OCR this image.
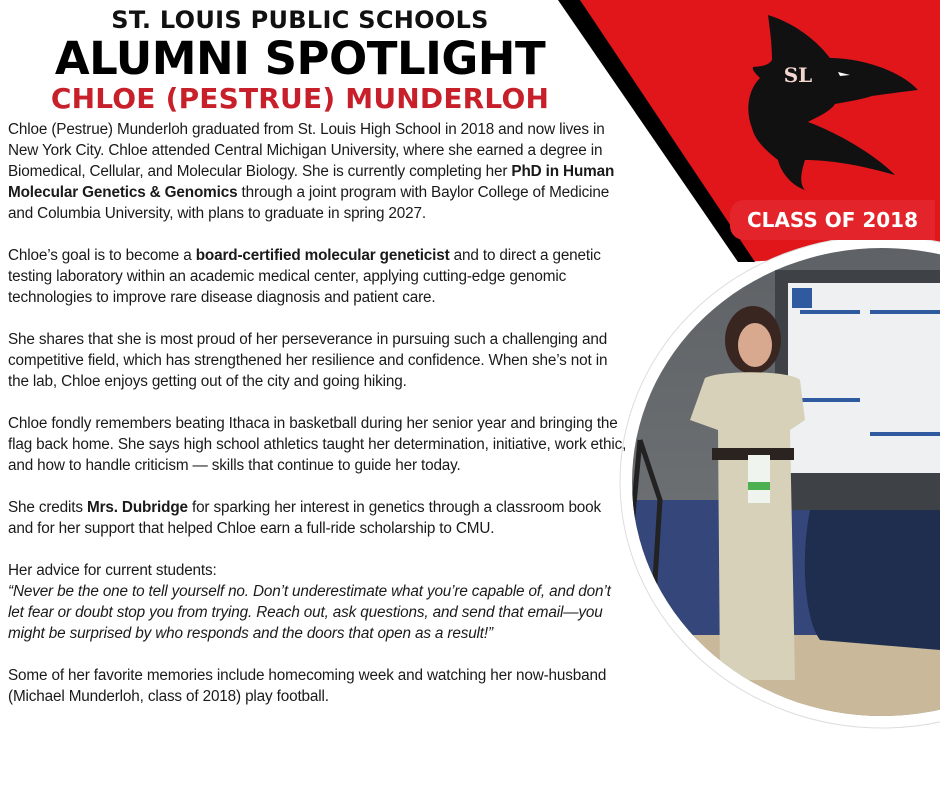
SL
ST. LOUIS PUBLIC SCHOOLS
ALUMNI SPOTLIGHT
CHLOE (PESTRUE) MUNDERLOH
CLASS OF 2018

Chloe (Pestrue) Munderloh graduated from St. Louis High School in 2018 and now lives in New York City. Chloe attended Central Michigan University, where she earned a degree in Biomedical, Cellular, and Molecular Biology. She is currently completing her PhD in Human Molecular Genetics & Genomics through a joint program with Baylor College of Medicine and Columbia University, with plans to graduate in spring 2027.

Chloe’s goal is to become a board-certified molecular geneticist and to direct a genetic testing laboratory within an academic medical center, applying cutting-edge genomic technologies to improve rare disease diagnosis and patient care.

She shares that she is most proud of her perseverance in pursuing such a challenging and competitive field, which has strengthened her resilience and confidence. When she’s not in the lab, Chloe enjoys getting out of the city and going hiking.

Chloe fondly remembers beating Ithaca in basketball during her senior year and bringing the flag back home. She says high school athletics taught her determination, initiative, work ethic, and how to handle criticism — skills that continue to guide her today.

She credits Mrs. Dubridge for sparking her interest in genetics through a classroom book and for her support that helped Chloe earn a full-ride scholarship to CMU.

Her advice for current students:
“Never be the one to tell yourself no. Don’t underestimate what you’re capable of, and don’t let fear or doubt stop you from trying. Reach out, ask questions, and send that email—you might be surprised by who responds and the doors that open as a result!”

Some of her favorite memories include homecoming week and watching her now-husband (Michael Munderloh, class of 2018) play football.
